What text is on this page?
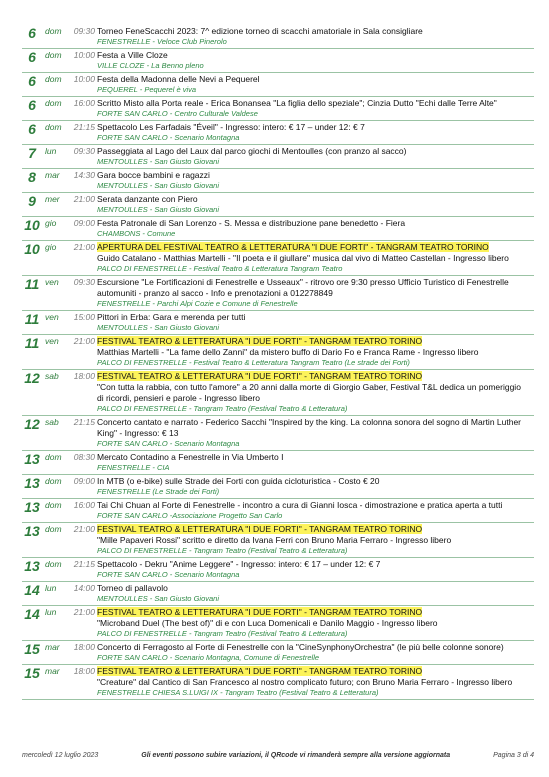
6	dom	09:30 Torneo FeneScacchi 2023: 7^ edizione torneo di scacchi amatoriale in Sala consigliare
FENESTRELLE - Veloce Club Pinerolo
6	dom	10:00 Festa a Ville Cloze
VILLE CLOZE - La Benno pleno
6	dom	10:00 Festa della Madonna delle Nevi a Pequerel
PEQUEREL - Pequerel è viva
6	dom	16:00 Scritto Misto alla Porta reale - Erica Bonansea "La figlia dello speziale"; Cinzia Dutto "Echi dalle Terre Alte"
FORTE SAN CARLO - Centro Culturale Valdese
6	dom	21:15 Spettacolo Les Farfadais "Éveil" - Ingresso: intero: € 17 – under 12: € 7
FORTE SAN CARLO - Scenario Montagna
7	lun	09:30 Passeggiata al Lago del Laux dal parco giochi di Mentoulles (con pranzo al sacco)
MENTOULLES - San Giusto Giovani
8	mar	14:30 Gara bocce bambini e ragazzi
MENTOULLES - San Giusto Giovani
9	mer	21:00 Serata danzante con Piero
MENTOULLES - San Giusto Giovani
10 gio	09:00 Festa Patronale di San Lorenzo - S. Messa e distribuzione pane benedetto - Fiera
CHAMBONS - Comune
10 gio	21:00 APERTURA DEL FESTIVAL TEATRO & LETTERATURA "I DUE FORTI" - TANGRAM TEATRO TORINO
Guido Catalano - Matthias Martelli - "Il poeta e il giullare" musica dal vivo di Matteo Castellan - Ingresso libero
PALCO DI FENESTRELLE - Festival Teatro & Letteratura Tangram Teatro
11 ven	09:30 Escursione "Le Fortificazioni di Fenestrelle e Usseaux" - ritrovo ore 9:30 presso Ufficio Turistico di Fenestrelle
automuniti - pranzo al sacco - Info e prenotazioni a 012278849
FENESTRELLE - Parchi Alpi Cozie e Comune di Fenestrelle
11 ven	15:00 Pittori in Erba: Gara e merenda per tutti
MENTOULLES - San Giusto Giovani
11 ven	21:00 FESTIVAL TEATRO & LETTERATURA "I DUE FORTI" - TANGRAM TEATRO TORINO
Matthias Martelli - "La fame dello Zanni" da mistero buffo di Dario Fo e Franca Rame - Ingresso libero
PALCO DI FENESTRELLE - Festival Teatro & Letteratura Tangram Teatro (Le strade dei Forti)
12 sab	18:00 FESTIVAL TEATRO & LETTERATURA "I DUE FORTI" - TANGRAM TEATRO TORINO
"Con tutta la rabbia, con tutto l'amore" a 20 anni dalla morte di Giorgio Gaber, Festival T&L dedica un pomeriggio
di ricordi, pensieri e parole - Ingresso libero
PALCO DI FENESTRELLE - Tangram Teatro (Festival Teatro & Letteratura)
12 sab	21:15 Concerto cantato e narrato - Federico Sacchi "Inspired by the king. La colonna sonora del sogno di Martin Luther
King" - Ingresso: € 13
FORTE SAN CARLO - Scenario Montagna
13 dom	08:30 Mercato Contadino a Fenestrelle in Via Umberto I
FENESTRELLE - CIA
13 dom	09:00 In MTB (o e-bike) sulle Strade dei Forti con guida cicloturistica - Costo € 20
FENESTRELLE (Le Strade dei Forti)
13 dom	16:00 Tai Chi Chuan al Forte di Fenestrelle - incontro a cura di Gianni Iosca - dimostrazione e pratica aperta a tutti
FORTE SAN CARLO -Associazione Progetto San Carlo
13 dom	21:00 FESTIVAL TEATRO & LETTERATURA "I DUE FORTI" - TANGRAM TEATRO TORINO
"Mille Papaveri Rossi" scritto e diretto da Ivana Ferri con Bruno Maria Ferraro - Ingresso libero
PALCO DI FENESTRELLE - Tangram Teatro (Festival Teatro & Letteratura)
13 dom	21:15 Spettacolo - Dekru "Anime Leggere" - Ingresso: intero: € 17 – under 12: € 7
FORTE SAN CARLO - Scenario Montagna
14 lun	14:00 Torneo di pallavolo
MENTOULLES - San Giusto Giovani
14 lun	21:00 FESTIVAL TEATRO & LETTERATURA "I DUE FORTI" - TANGRAM TEATRO TORINO
"Microband Duel (The best of)" di e con Luca Domenicali e Danilo Maggio - Ingresso libero
PALCO DI FENESTRELLE - Tangram Teatro (Festival Teatro & Letteratura)
15 mar	18:00 Concerto di Ferragosto al Forte di Fenestrelle con la "CineSynphonyOrchestra" (le più belle colonne sonore)
FORTE SAN CARLO - Scenario Montagna, Comune di Fenestrelle
15 mar	18:00 FESTIVAL TEATRO & LETTERATURA "I DUE FORTI" - TANGRAM TEATRO TORINO
"Creature" dal Cantico di San Francesco al nostro complicato futuro; con Bruno Maria Ferraro - Ingresso libero
FENESTRELLE CHIESA S.LUIGI IX - Tangram Teatro (Festival Teatro & Letteratura)
mercoledì 12 luglio 2023	Gli eventi possono subire variazioni, il QRcode vi rimanderà sempre alla versione aggiornata	Pagina 3 di 4
